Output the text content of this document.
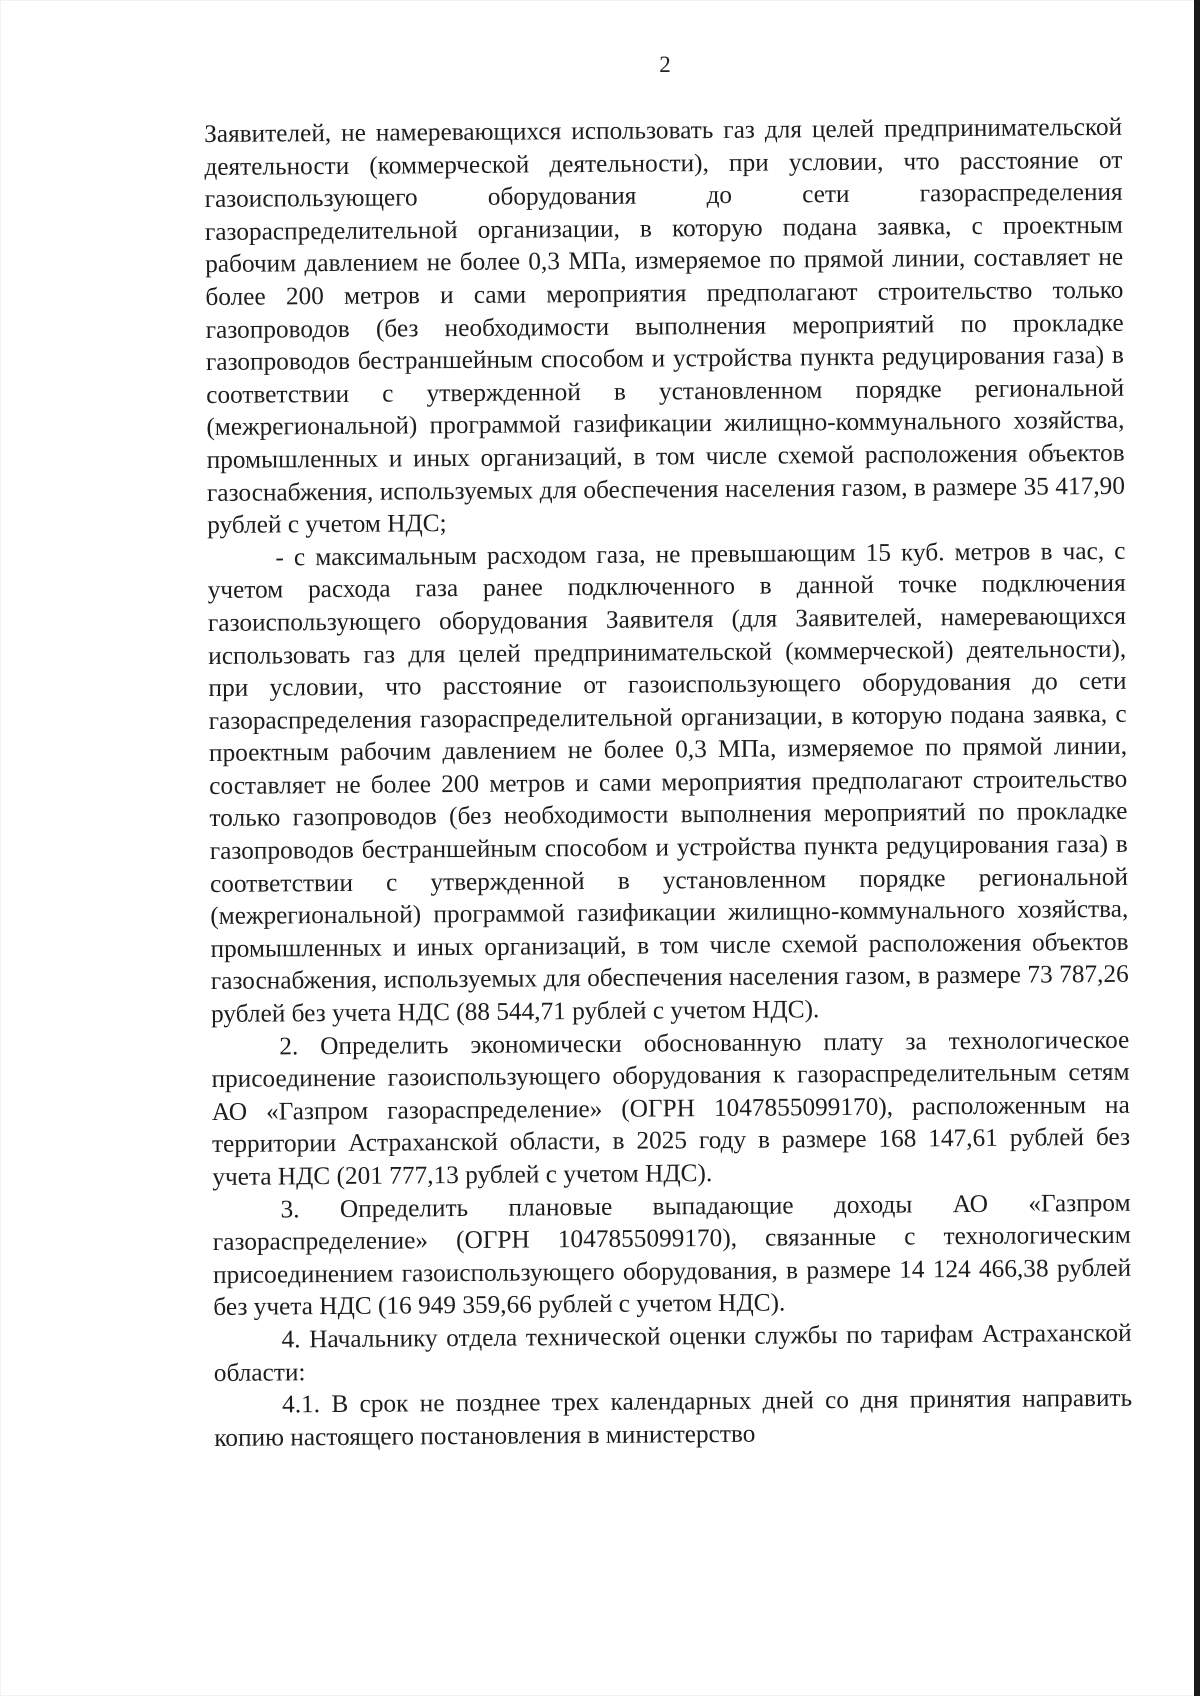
2

Заявителей, не намеревающихся использовать газ для целей предпринимательской деятельности (коммерческой деятельности), при условии, что расстояние от газоиспользующего оборудования до сети газораспределения газораспределительной организации, в которую подана заявка, с проектным рабочим давлением не более 0,3 МПа, измеряемое по прямой линии, составляет не более 200 метров и сами мероприятия предполагают строительство только газопроводов (без необходимости выполнения мероприятий по прокладке газопроводов бестраншейным способом и устройства пункта редуцирования газа) в соответствии с утвержденной в установленном порядке региональной (межрегиональной) программой газификации жилищно-коммунального хозяйства, промышленных и иных организаций, в том числе схемой расположения объектов газоснабжения, используемых для обеспечения населения газом, в размере 35 417,90 рублей с учетом НДС;

- с максимальным расходом газа, не превышающим 15 куб. метров в час, с учетом расхода газа ранее подключенного в данной точке подключения газоиспользующего оборудования Заявителя (для Заявителей, намеревающихся использовать газ для целей предпринимательской (коммерческой) деятельности), при условии, что расстояние от газоиспользующего оборудования до сети газораспределения газораспределительной организации, в которую подана заявка, с проектным рабочим давлением не более 0,3 МПа, измеряемое по прямой линии, составляет не более 200 метров и сами мероприятия предполагают строительство только газопроводов (без необходимости выполнения мероприятий по прокладке газопроводов бестраншейным способом и устройства пункта редуцирования газа) в соответствии с утвержденной в установленном порядке региональной (межрегиональной) программой газификации жилищно-коммунального хозяйства, промышленных и иных организаций, в том числе схемой расположения объектов газоснабжения, используемых для обеспечения населения газом, в размере 73 787,26 рублей без учета НДС (88 544,71 рублей с учетом НДС).

2. Определить экономически обоснованную плату за технологическое присоединение газоиспользующего оборудования к газораспределительным сетям АО «Газпром газораспределение» (ОГРН 1047855099170), расположенным на территории Астраханской области, в 2025 году в размере 168 147,61 рублей без учета НДС (201 777,13 рублей с учетом НДС).

3. Определить плановые выпадающие доходы АО «Газпром газораспределение» (ОГРН 1047855099170), связанные с технологическим присоединением газоиспользующего оборудования, в размере 14 124 466,38 рублей без учета НДС (16 949 359,66 рублей с учетом НДС).

4. Начальнику отдела технической оценки службы по тарифам Астраханской области:

4.1. В срок не позднее трех календарных дней со дня принятия направить копию настоящего постановления в министерство
